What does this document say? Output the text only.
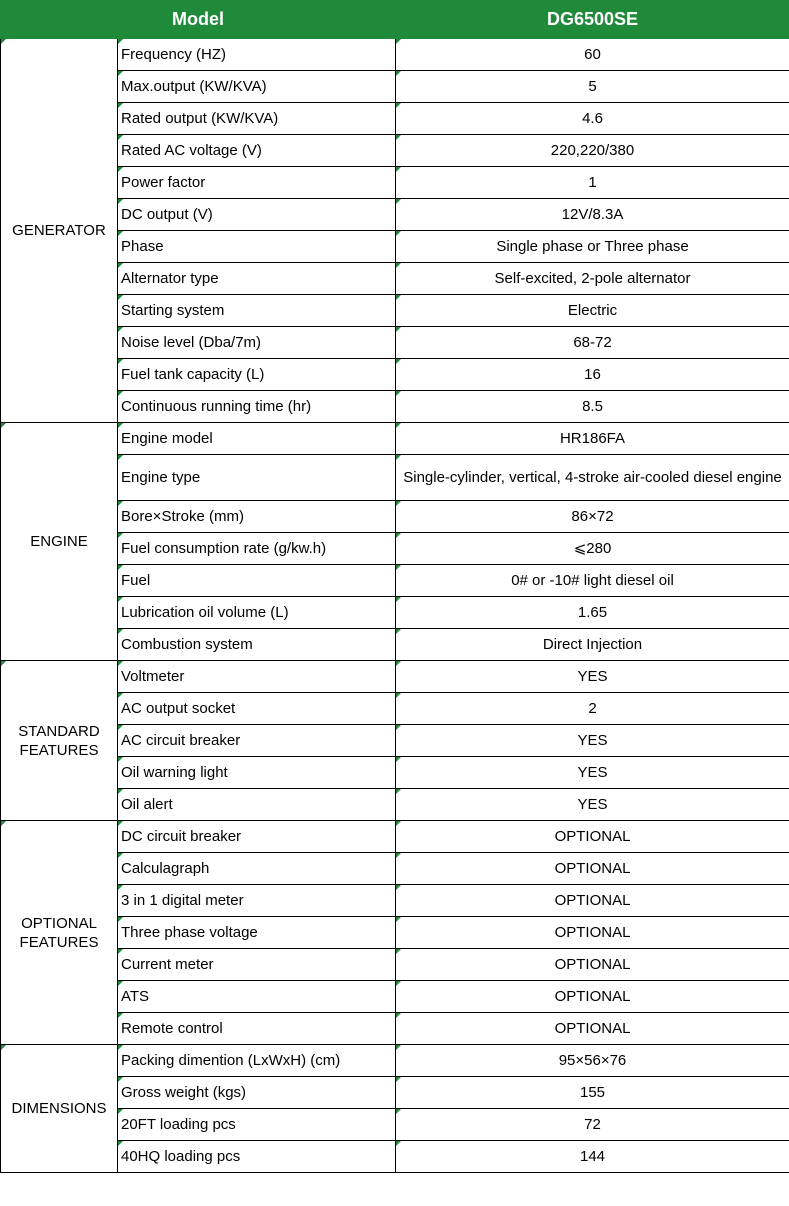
Model		DG6500SE
GENERATOR	Frequency (HZ)	60
	Max.output (KW/KVA)	5
	Rated output (KW/KVA)	4.6
	Rated AC voltage (V)	220,220/380
	Power factor	1
	DC output (V)	12V/8.3A
	Phase	Single phase or Three phase
	Alternator type	Self-excited, 2-pole alternator
	Starting system	Electric
	Noise level (Dba/7m)	68-72
	Fuel tank capacity (L)	16
	Continuous running time (hr)	8.5
ENGINE	Engine model	HR186FA
	Engine type	Single-cylinder, vertical, 4-stroke air-cooled diesel engine
	Bore×Stroke (mm)	86×72
	Fuel consumption rate (g/kw.h)	⩽280
	Fuel	0# or -10# light diesel oil
	Lubrication oil volume (L)	1.65
	Combustion system	Direct Injection
STANDARD FEATURES	Voltmeter	YES
	AC output socket	2
	AC circuit breaker	YES
	Oil warning light	YES
	Oil alert	YES
OPTIONAL FEATURES	DC circuit breaker	OPTIONAL
	Calculagraph	OPTIONAL
	3 in 1 digital meter	OPTIONAL
	Three phase voltage	OPTIONAL
	Current meter	OPTIONAL
	ATS	OPTIONAL
	Remote control	OPTIONAL
DIMENSIONS	Packing dimention (LxWxH) (cm)	95×56×76
	Gross weight (kgs)	155
	20FT loading pcs	72
	40HQ loading pcs	144
